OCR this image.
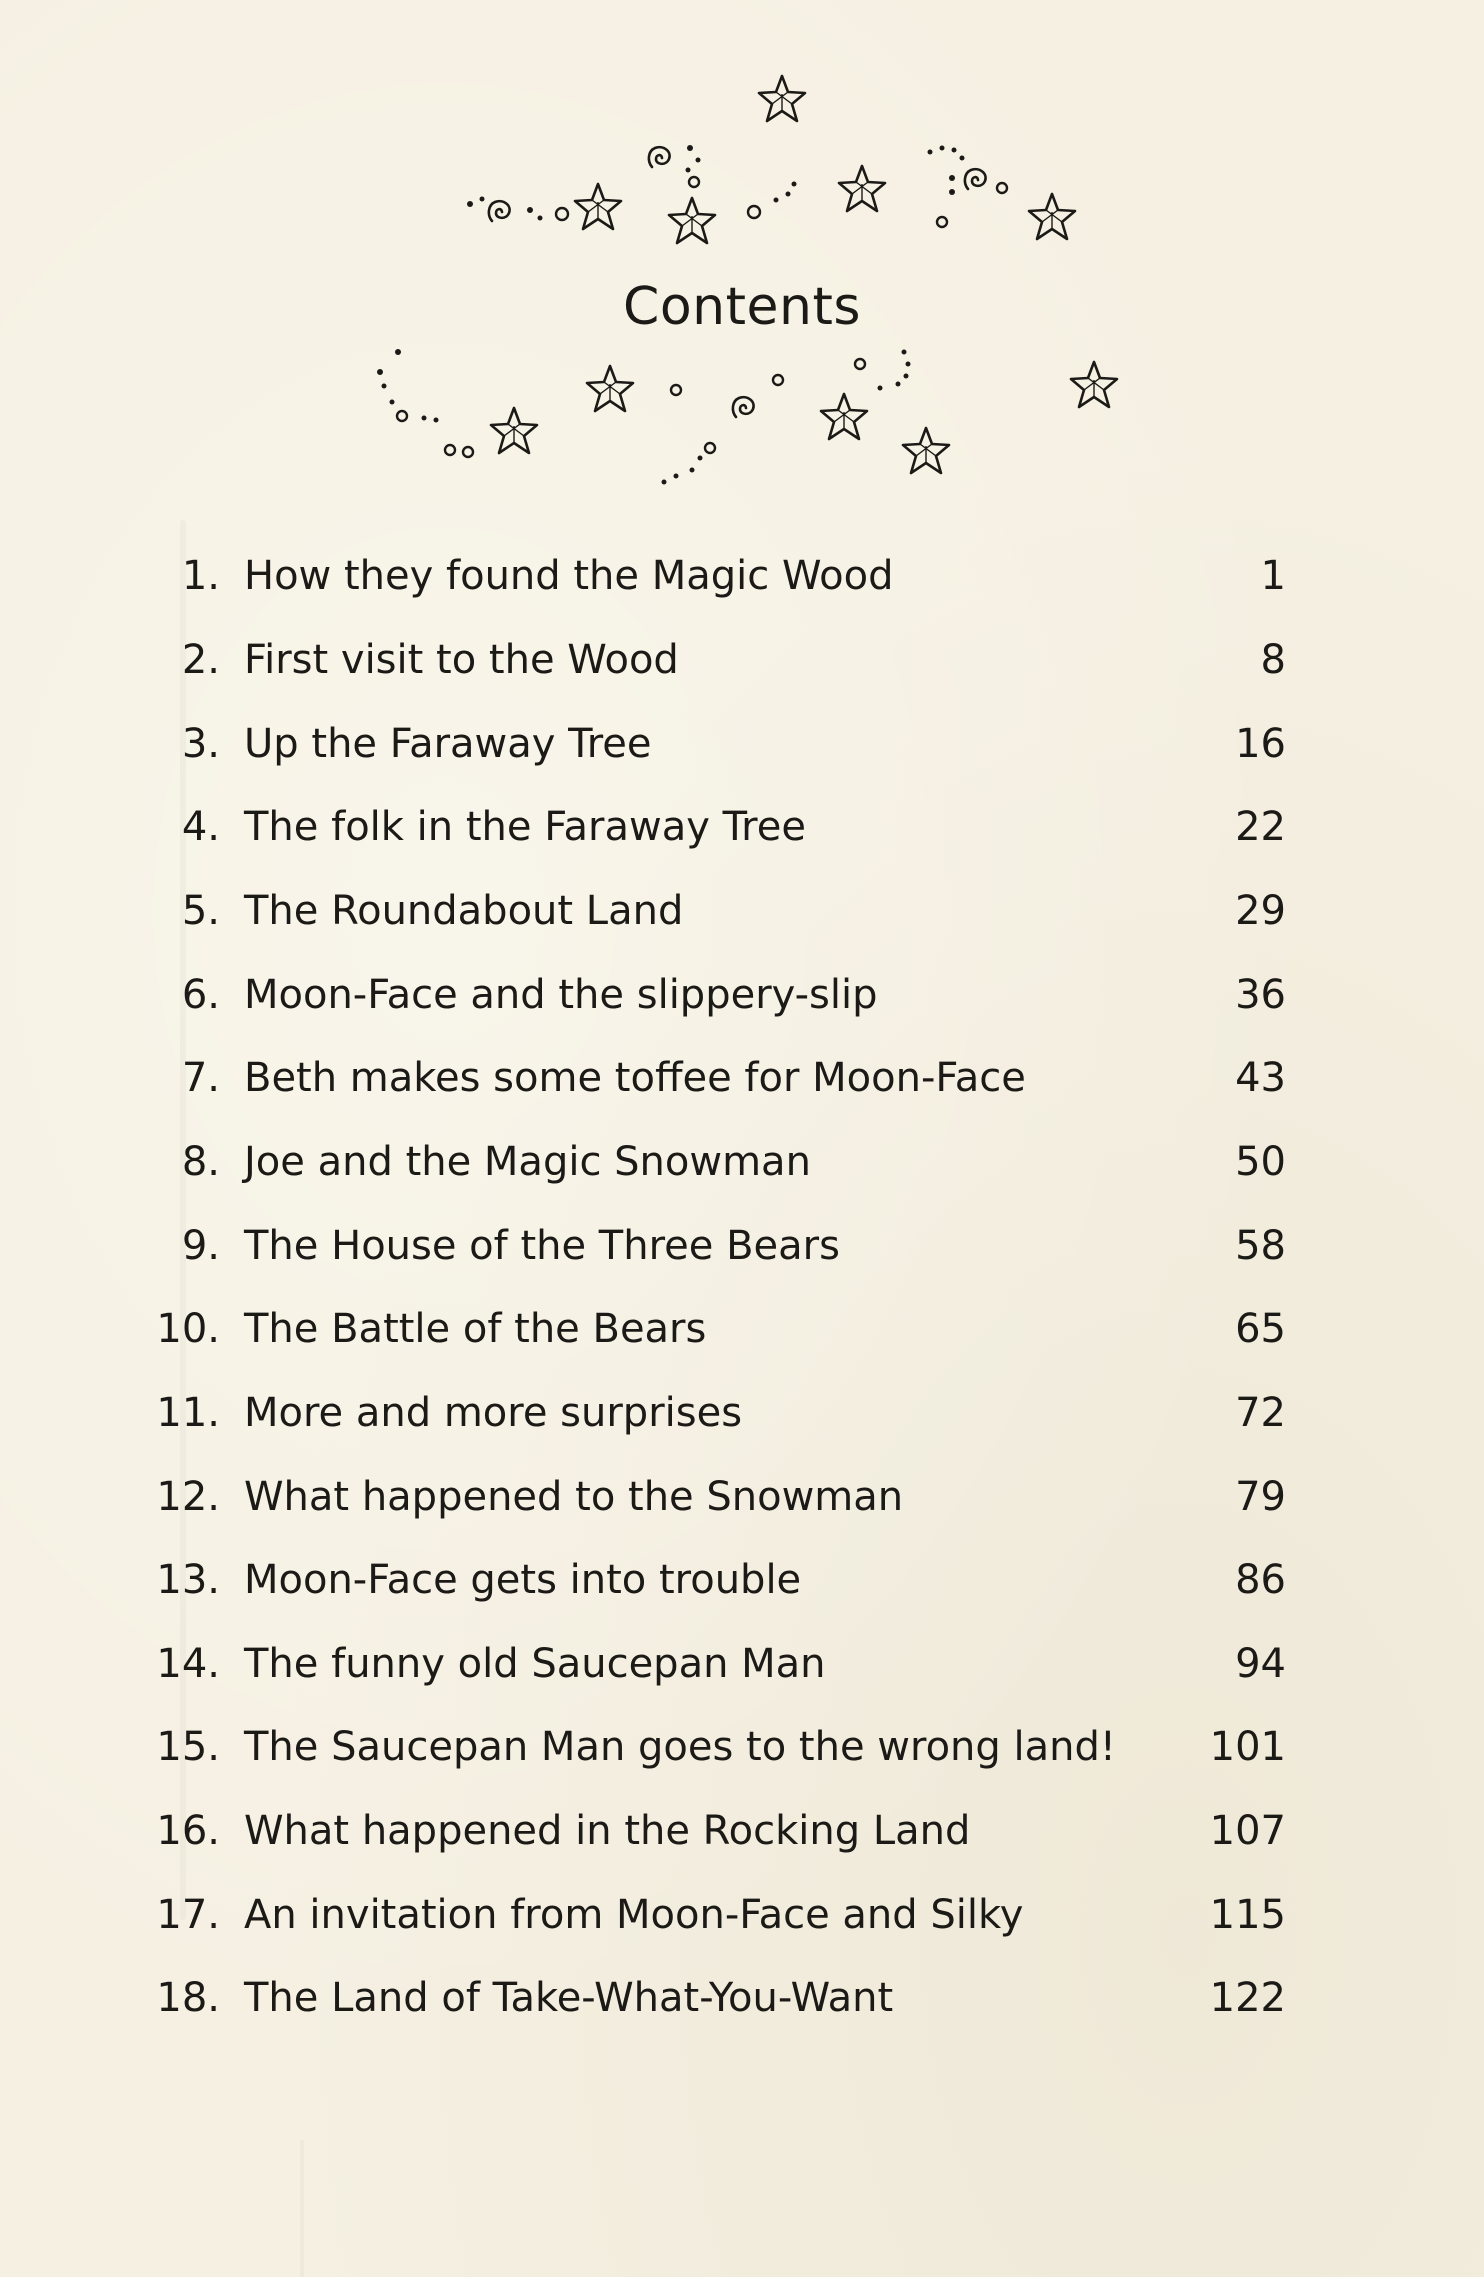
Contents
1. How they found the Magic Wood	1
2. First visit to the Wood	8
3. Up the Faraway Tree	16
4. The folk in the Faraway Tree	22
5. The Roundabout Land	29
6. Moon-Face and the slippery-slip	36
7. Beth makes some toffee for Moon-Face	43
8. Joe and the Magic Snowman	50
9. The House of the Three Bears	58
10. The Battle of the Bears	65
11. More and more surprises	72
12. What happened to the Snowman	79
13. Moon-Face gets into trouble	86
14. The funny old Saucepan Man	94
15. The Saucepan Man goes to the wrong land! 101
16. What happened in the Rocking Land	107
17. An invitation from Moon-Face and Silky	115
18. The Land of Take-What-You-Want	122
